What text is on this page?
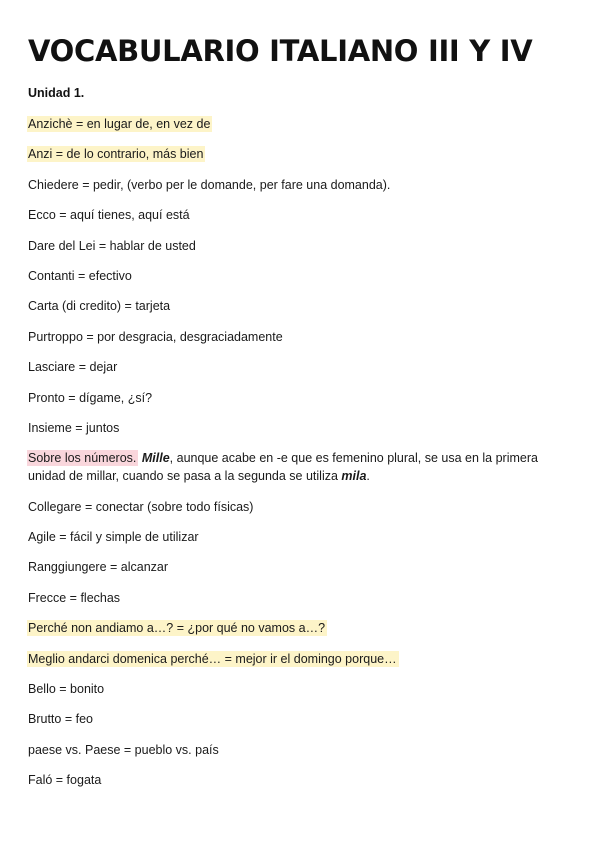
VOCABULARIO ITALIANO III Y IV
Unidad 1.
Anzichè = en lugar de, en vez de
Anzi = de lo contrario, más bien
Chiedere = pedir, (verbo per le domande, per fare una domanda).
Ecco = aquí tienes, aquí está
Dare del Lei = hablar de usted
Contanti = efectivo
Carta (di credito) = tarjeta
Purtroppo = por desgracia, desgraciadamente
Lasciare = dejar
Pronto = dígame, ¿sí?
Insieme = juntos
Sobre los números. Mille, aunque acabe en -e que es femenino plural, se usa en la primera unidad de millar, cuando se pasa a la segunda se utiliza mila.
Collegare = conectar (sobre todo físicas)
Agile = fácil y simple de utilizar
Ranggiungere = alcanzar
Frecce = flechas
Perché non andiamo a…? = ¿por qué no vamos a…?
Meglio andarci domenica perché… = mejor ir el domingo porque…
Bello = bonito
Brutto = feo
paese vs. Paese = pueblo vs. país
Faló = fogata
